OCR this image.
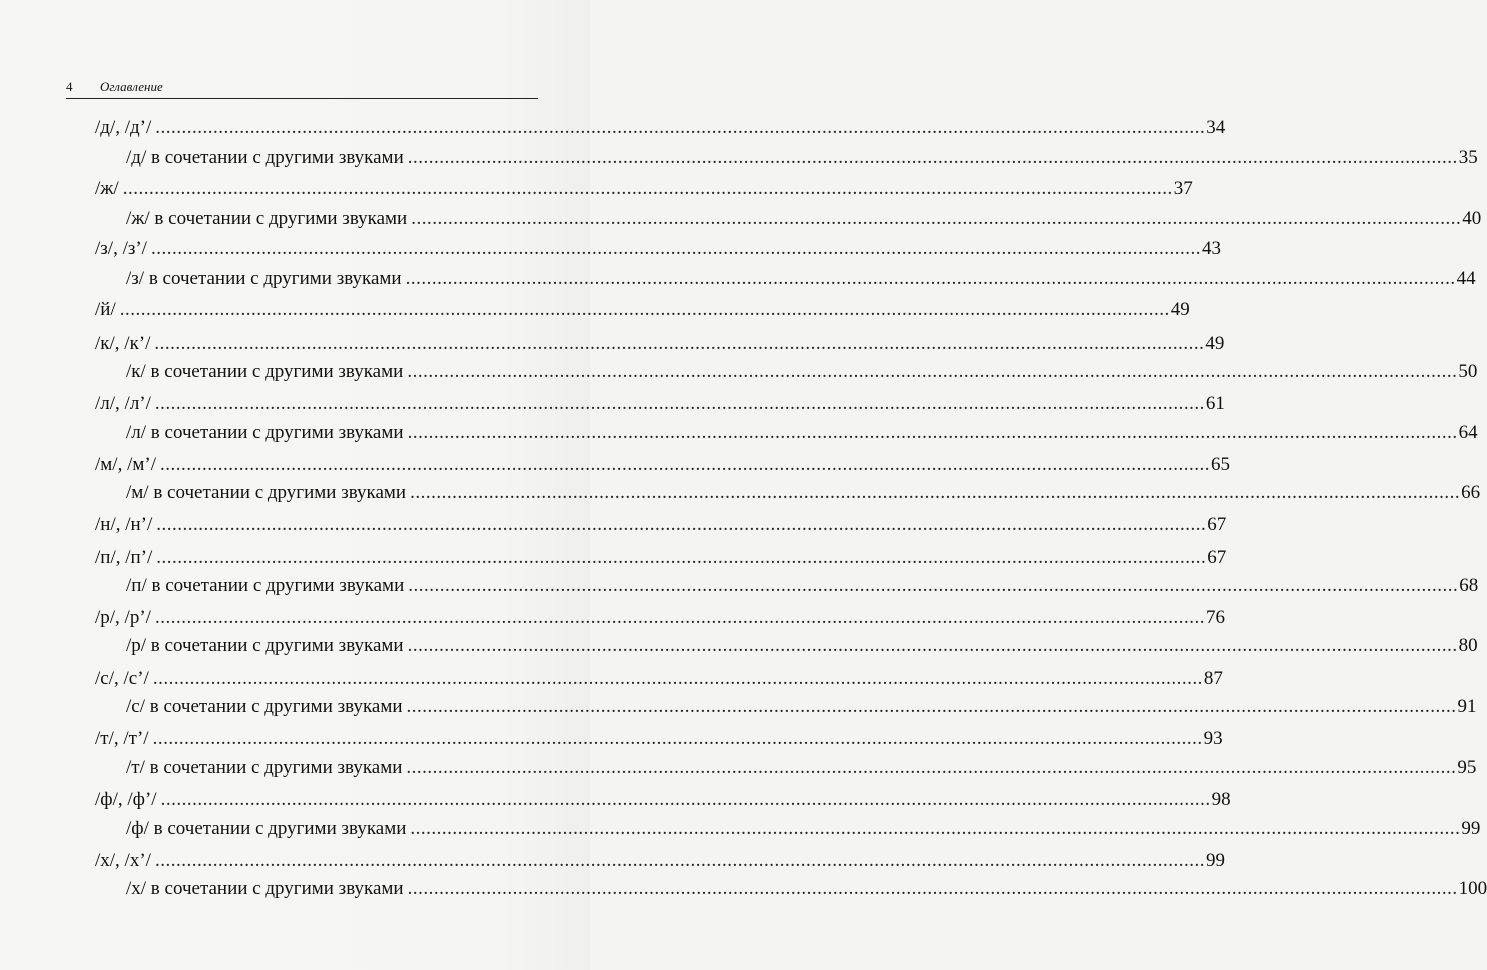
4 Оглавление
/д/, /д’/ ........................................................................................................................................................................................................ 34
/д/ в сочетании с другими звуками ........................................................................................................................................................................................................ 35
/ж/ ........................................................................................................................................................................................................ 37
/ж/ в сочетании с другими звуками ........................................................................................................................................................................................................ 40
/з/, /з’/ ........................................................................................................................................................................................................ 43
/з/ в сочетании с другими звуками ........................................................................................................................................................................................................ 44
/й/ ........................................................................................................................................................................................................ 49
/к/, /к’/ ........................................................................................................................................................................................................ 49
/к/ в сочетании с другими звуками ........................................................................................................................................................................................................ 50
/л/, /л’/ ........................................................................................................................................................................................................ 61
/л/ в сочетании с другими звуками ........................................................................................................................................................................................................ 64
/м/, /м’/ ........................................................................................................................................................................................................ 65
/м/ в сочетании с другими звуками ........................................................................................................................................................................................................ 66
/н/, /н’/ ........................................................................................................................................................................................................ 67
/п/, /п’/ ........................................................................................................................................................................................................ 67
/п/ в сочетании с другими звуками ........................................................................................................................................................................................................ 68
/р/, /р’/ ........................................................................................................................................................................................................ 76
/р/ в сочетании с другими звуками ........................................................................................................................................................................................................ 80
/с/, /с’/ ........................................................................................................................................................................................................ 87
/с/ в сочетании с другими звуками ........................................................................................................................................................................................................ 91
/т/, /т’/ ........................................................................................................................................................................................................ 93
/т/ в сочетании с другими звуками ........................................................................................................................................................................................................ 95
/ф/, /ф’/ ........................................................................................................................................................................................................ 98
/ф/ в сочетании с другими звуками ........................................................................................................................................................................................................ 99
/х/, /х’/ ........................................................................................................................................................................................................ 99
/х/ в сочетании с другими звуками ........................................................................................................................................................................................................ 100
